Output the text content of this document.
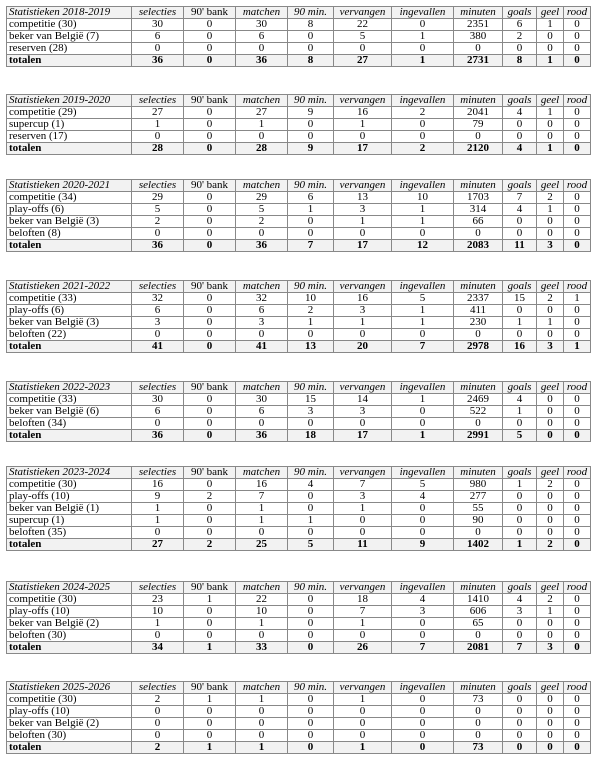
Statistieken 2018-2019	selecties	90' bank	matchen	90 min.	vervangen	ingevallen	minuten	goals	geel	rood
competitie (30)	30	0	30	8	22	0	2351	6	1	0
beker van België (7)	6	0	6	0	5	1	380	2	0	0
reserven (28)	0	0	0	0	0	0	0	0	0	0
totalen	36	0	36	8	27	1	2731	8	1	0
Statistieken 2019-2020	selecties	90' bank	matchen	90 min.	vervangen	ingevallen	minuten	goals	geel	rood
competitie (29)	27	0	27	9	16	2	2041	4	1	0
supercup (1)	1	0	1	0	1	0	79	0	0	0
reserven (17)	0	0	0	0	0	0	0	0	0	0
totalen	28	0	28	9	17	2	2120	4	1	0
Statistieken 2020-2021	selecties	90' bank	matchen	90 min.	vervangen	ingevallen	minuten	goals	geel	rood
competitie (34)	29	0	29	6	13	10	1703	7	2	0
play-offs (6)	5	0	5	1	3	1	314	4	1	0
beker van België (3)	2	0	2	0	1	1	66	0	0	0
beloften (8)	0	0	0	0	0	0	0	0	0	0
totalen	36	0	36	7	17	12	2083	11	3	0
Statistieken 2021-2022	selecties	90' bank	matchen	90 min.	vervangen	ingevallen	minuten	goals	geel	rood
competitie (33)	32	0	32	10	16	5	2337	15	2	1
play-offs (6)	6	0	6	2	3	1	411	0	0	0
beker van België (3)	3	0	3	1	1	1	230	1	1	0
beloften (22)	0	0	0	0	0	0	0	0	0	0
totalen	41	0	41	13	20	7	2978	16	3	1
Statistieken 2022-2023	selecties	90' bank	matchen	90 min.	vervangen	ingevallen	minuten	goals	geel	rood
competitie (33)	30	0	30	15	14	1	2469	4	0	0
beker van België (6)	6	0	6	3	3	0	522	1	0	0
beloften (34)	0	0	0	0	0	0	0	0	0	0
totalen	36	0	36	18	17	1	2991	5	0	0
Statistieken 2023-2024	selecties	90' bank	matchen	90 min.	vervangen	ingevallen	minuten	goals	geel	rood
competitie (30)	16	0	16	4	7	5	980	1	2	0
play-offs (10)	9	2	7	0	3	4	277	0	0	0
beker van België (1)	1	0	1	0	1	0	55	0	0	0
supercup (1)	1	0	1	1	0	0	90	0	0	0
beloften (35)	0	0	0	0	0	0	0	0	0	0
totalen	27	2	25	5	11	9	1402	1	2	0
Statistieken 2024-2025	selecties	90' bank	matchen	90 min.	vervangen	ingevallen	minuten	goals	geel	rood
competitie (30)	23	1	22	0	18	4	1410	4	2	0
play-offs (10)	10	0	10	0	7	3	606	3	1	0
beker van België (2)	1	0	1	0	1	0	65	0	0	0
beloften (30)	0	0	0	0	0	0	0	0	0	0
totalen	34	1	33	0	26	7	2081	7	3	0
Statistieken 2025-2026	selecties	90' bank	matchen	90 min.	vervangen	ingevallen	minuten	goals	geel	rood
competitie (30)	2	1	1	0	1	0	73	0	0	0
play-offs (10)	0	0	0	0	0	0	0	0	0	0
beker van België (2)	0	0	0	0	0	0	0	0	0	0
beloften (30)	0	0	0	0	0	0	0	0	0	0
totalen	2	1	1	0	1	0	73	0	0	0
